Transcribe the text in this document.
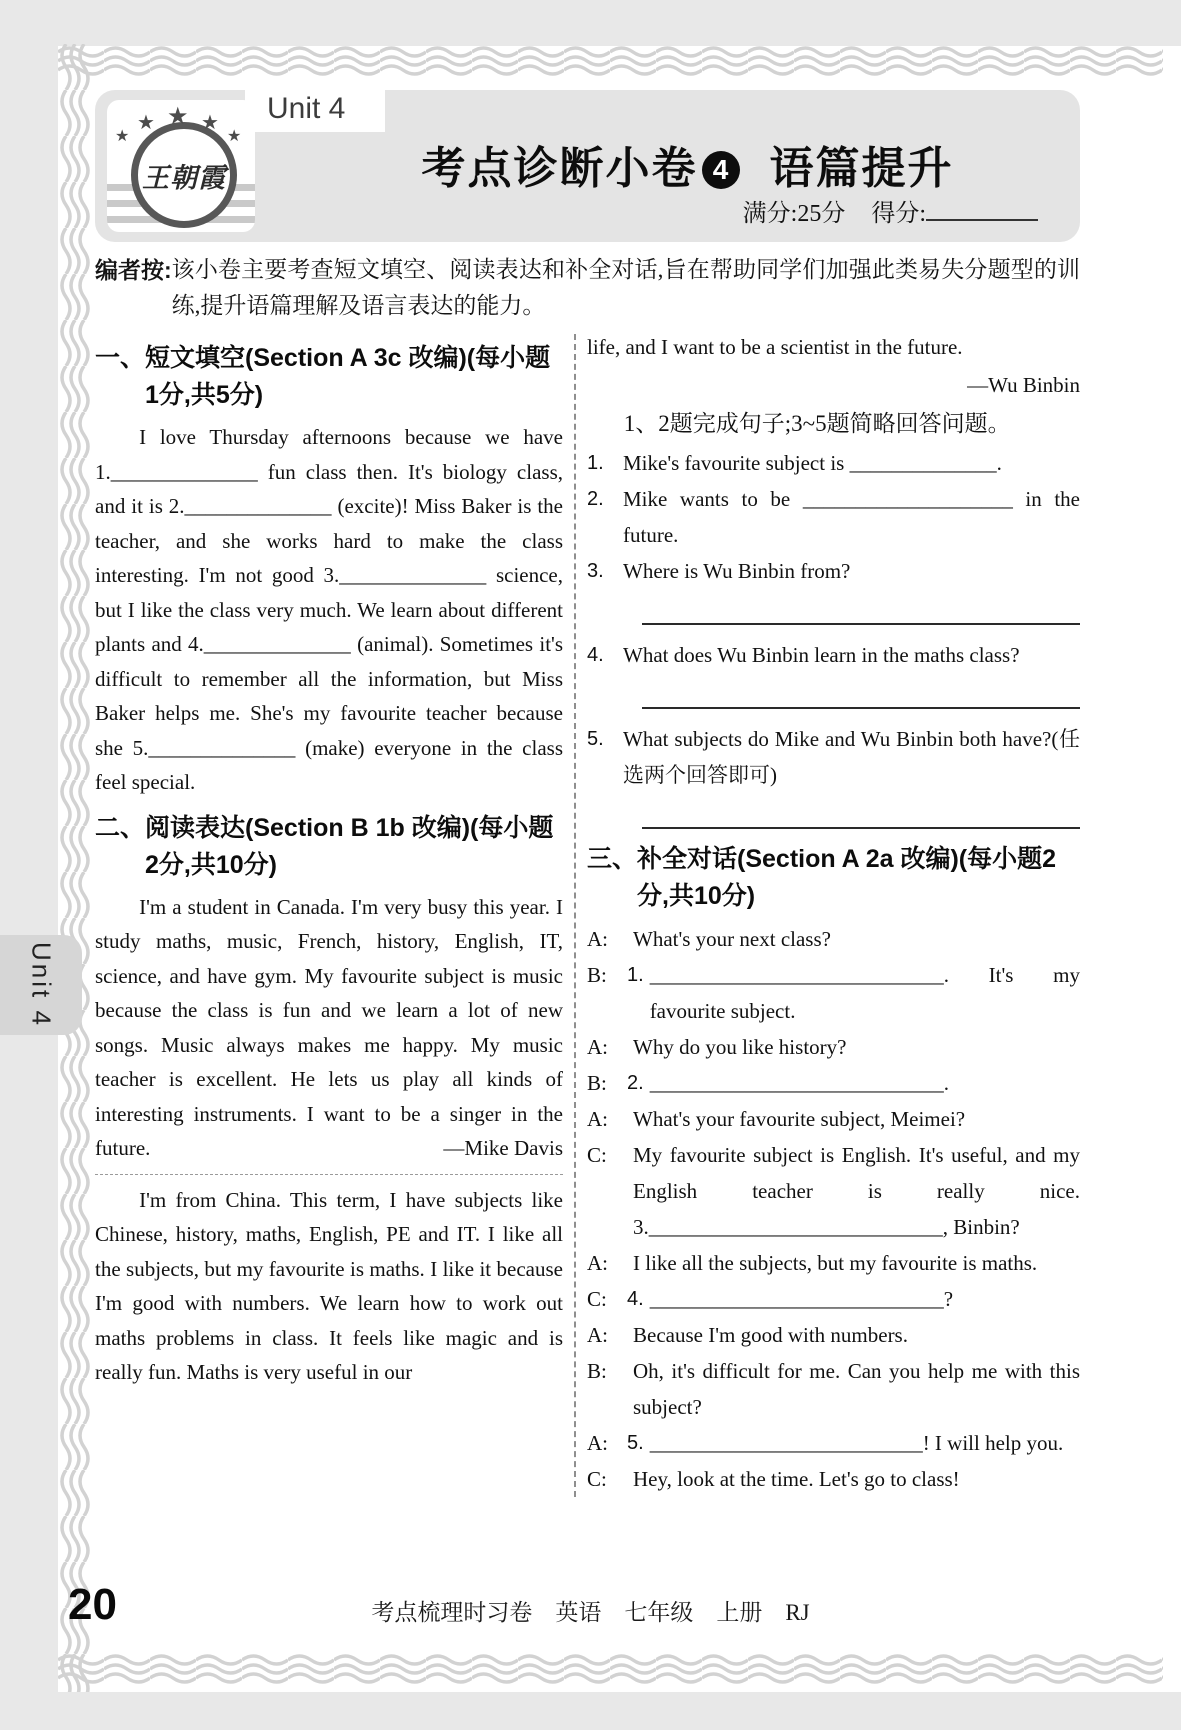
Unit 4
Unit 4
★
★ ★ ★
★
王朝霞	考点诊断小卷 4 语篇提升
满分:25分 得分:
编者按: 该小卷主要考查短文填空、阅读表达和补全对话,旨在帮助同学们加强此类易失分题型的训练,提升语篇理解及语言表达的能力。
一、 短文填空(Section A 3c 改编)(每小题1分,共5分)

I love Thursday afternoons because we have 1.______________ fun class then. It's biology class, and it is 2.______________ (excite)! Miss Baker is the teacher, and she works hard to make the class interesting. I'm not good 3.______________ science, but I like the class very much. We learn about different plants and 4.______________ (animal). Sometimes it's difficult to remember all the information, but Miss Baker helps me. She's my favourite teacher because she 5.______________ (make) everyone in the class feel special.

二、 阅读表达(Section B 1b 改编)(每小题2分,共10分)

I'm a student in Canada. I'm very busy this year. I study maths, music, French, history, English, IT, science, and have gym. My favourite subject is music because the class is fun and we learn a lot of new songs. Music always makes me happy. My music teacher is excellent. He lets us play all kinds of interesting instruments. I want to be a singer in the future.	—Mike Davis

I'm from China. This term, I have subjects like Chinese, history, maths, English, PE and IT. I like all the subjects, but my favourite is maths. I like it because I'm good with numbers. We learn how to work out maths problems in class. It feels like magic and is really fun. Maths is very useful in our

life, and I want to be a scientist in the future.

—Wu Binbin

1、2题完成句子;3~5题简略回答问题。

1. Mike's favourite subject is ______________.
2. Mike wants to be ____________________ in the future.
3. Where is Wu Binbin from?
4. What does Wu Binbin learn in the maths class?
5. What subjects do Mike and Wu Binbin both have?(任选两个回答即可)
三、 补全对话(Section A 2a 改编)(每小题2分,共10分)
A:	What's your next class?
B:	1. ____________________________. It's my favourite subject.
A:	Why do you like history?
B:	2. ____________________________.
A:	What's your favourite subject, Meimei?
C:	My favourite subject is English. It's useful, and my English teacher is really nice. 3.____________________________, Binbin?
A:	I like all the subjects, but my favourite is maths.
C:	4. ____________________________?
A:	Because I'm good with numbers.
B:	Oh, it's difficult for me. Can you help me with this subject?
A: 5. __________________________! I will help you.
C:	Hey, look at the time. Let's go to class!
20	考点梳理时习卷　英语　七年级　上册　RJ
